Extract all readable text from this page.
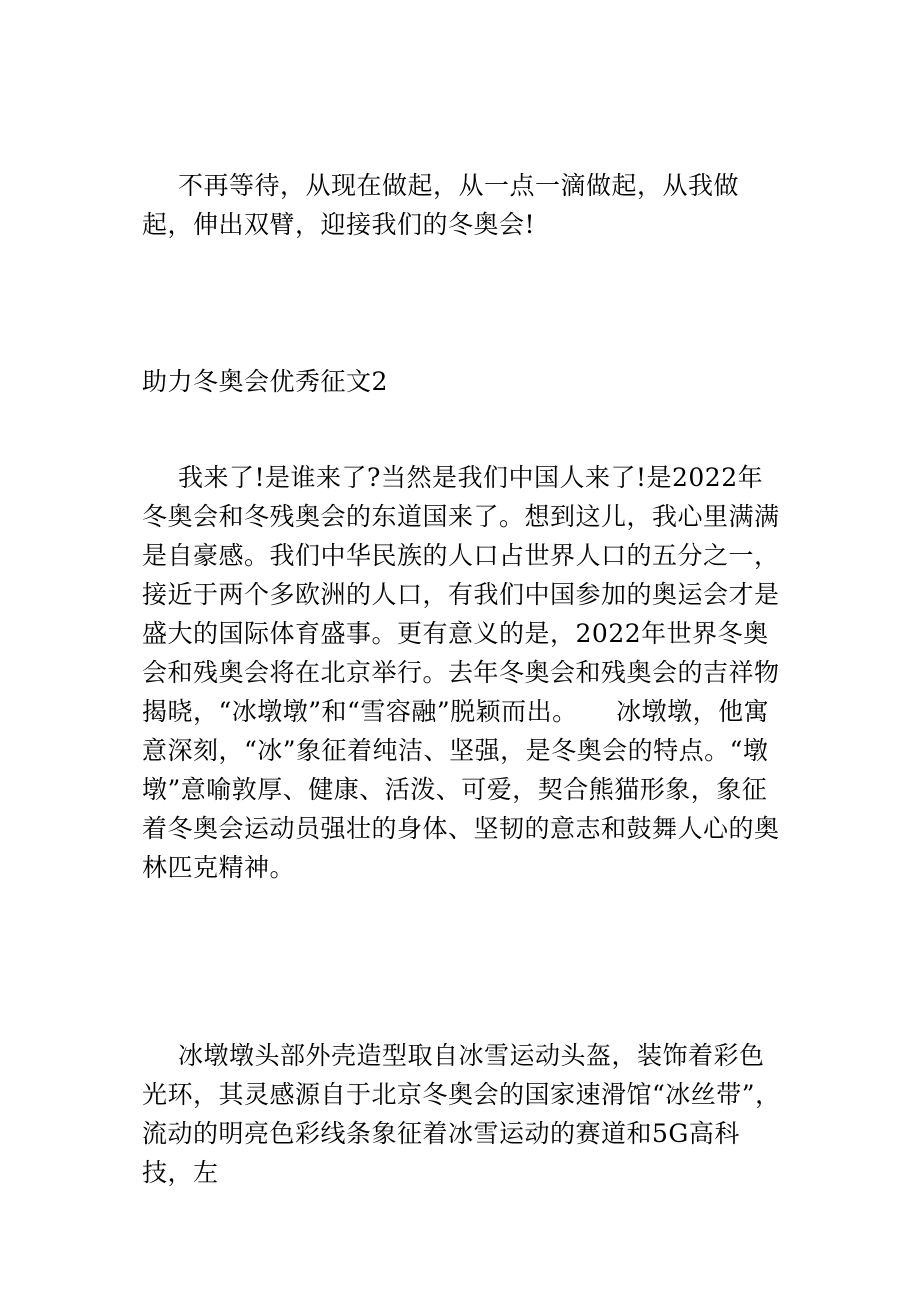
不再等待，从现在做起，从一点一滴做起，从我做起，伸出双臂，迎接我们的冬奥会!

助力冬奥会优秀征文2

我来了!是谁来了?当然是我们中国人来了!是2022年冬奥会和冬残奥会的东道国来了。想到这儿，我心里满满是自豪感。我们中华民族的人口占世界人口的五分之一，接近于两个多欧洲的人口，有我们中国参加的奥运会才是盛大的国际体育盛事。更有意义的是，2022年世界冬奥会和残奥会将在北京举行。去年冬奥会和残奥会的吉祥物揭晓，“冰墩墩”和“雪容融”脱颖而出。　　冰墩墩，他寓意深刻，“冰”象征着纯洁、坚强，是冬奥会的特点。“墩墩”意喻敦厚、健康、活泼、可爱，契合熊猫形象，象征着冬奥会运动员强壮的身体、坚韧的意志和鼓舞人心的奥林匹克精神。

冰墩墩头部外壳造型取自冰雪运动头盔，装饰着彩色光环，其灵感源自于北京冬奥会的国家速滑馆“冰丝带”，流动的明亮色彩线条象征着冰雪运动的赛道和5G高科技，左
